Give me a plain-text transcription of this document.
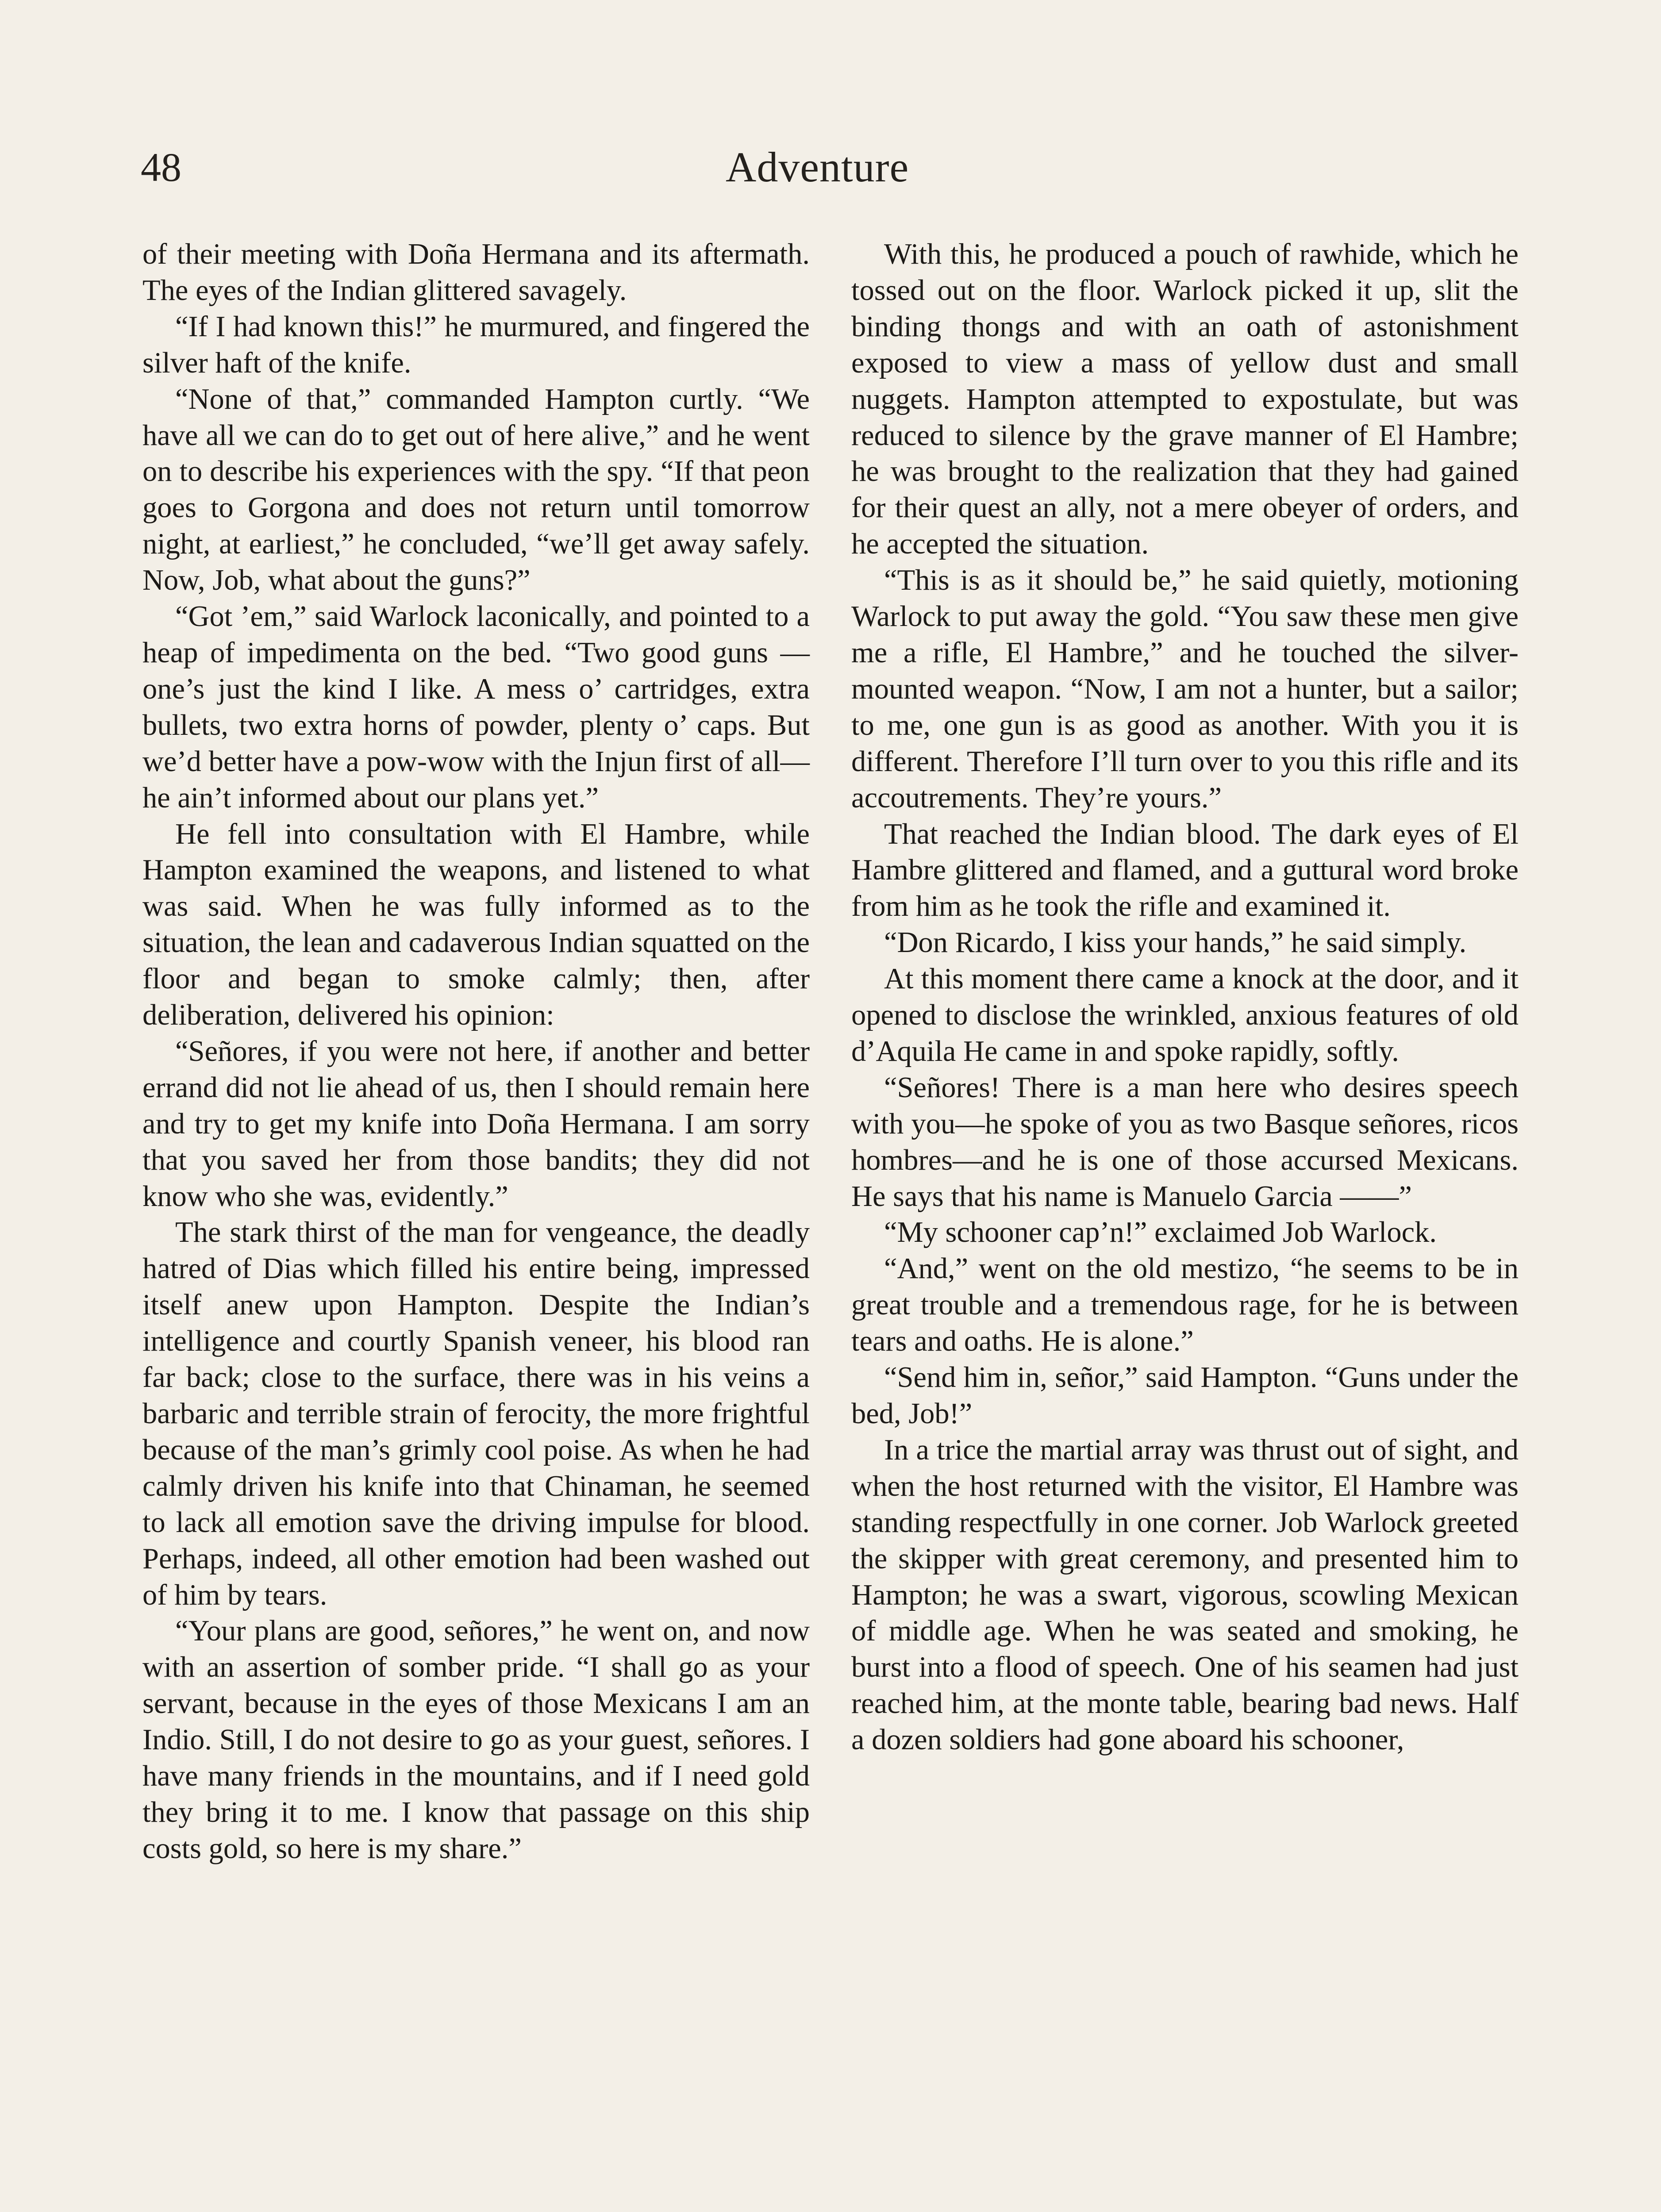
48	Adventure

of their meeting with Doña Hermana and its aftermath. The eyes of the Indian glittered savagely.

“If I had known this!” he murmured, and fingered the silver haft of the knife.

“None of that,” commanded Hampton curtly. “We have all we can do to get out of here alive,” and he went on to describe his experiences with the spy. “If that peon goes to Gorgona and does not return until tomorrow night, at earliest,” he concluded, “we’ll get away safely. Now, Job, what about the guns?”

“Got ’em,” said Warlock laconically, and pointed to a heap of impedimenta on the bed. “Two good guns — one’s just the kind I like. A mess o’ cartridges, extra bullets, two extra horns of powder, plenty o’ caps. But we’d better have a pow-wow with the Injun first of all—he ain’t informed about our plans yet.”

He fell into consultation with El Hambre, while Hampton examined the weapons, and listened to what was said. When he was fully informed as to the situation, the lean and cadaverous Indian squatted on the floor and began to smoke calmly; then, after deliberation, delivered his opinion:

“Señores, if you were not here, if another and better errand did not lie ahead of us, then I should remain here and try to get my knife into Doña Hermana. I am sorry that you saved her from those bandits; they did not know who she was, evidently.”

The stark thirst of the man for vengeance, the deadly hatred of Dias which filled his entire being, impressed itself anew upon Hampton. Despite the Indian’s intelligence and courtly Spanish veneer, his blood ran far back; close to the surface, there was in his veins a barbaric and terrible strain of ferocity, the more frightful because of the man’s grimly cool poise. As when he had calmly driven his knife into that Chinaman, he seemed to lack all emotion save the driving impulse for blood. Perhaps, indeed, all other emotion had been washed out of him by tears.

“Your plans are good, señores,” he went on, and now with an assertion of somber pride. “I shall go as your servant, because in the eyes of those Mexicans I am an Indio. Still, I do not desire to go as your guest, señores. I have many friends in the mountains, and if I need gold they bring it to me. I know that passage on this ship costs gold, so here is my share.”

With this, he produced a pouch of rawhide, which he tossed out on the floor. Warlock picked it up, slit the binding thongs and with an oath of astonishment exposed to view a mass of yellow dust and small nuggets. Hampton attempted to expostulate, but was reduced to silence by the grave manner of El Hambre; he was brought to the realization that they had gained for their quest an ally, not a mere obeyer of orders, and he accepted the situation.

“This is as it should be,” he said quietly, motioning Warlock to put away the gold. “You saw these men give me a rifle, El Hambre,” and he touched the silver-mounted weapon. “Now, I am not a hunter, but a sailor; to me, one gun is as good as another. With you it is different. Therefore I’ll turn over to you this rifle and its accoutrements. They’re yours.”

That reached the Indian blood. The dark eyes of El Hambre glittered and flamed, and a guttural word broke from him as he took the rifle and examined it.

“Don Ricardo, I kiss your hands,” he said simply.

At this moment there came a knock at the door, and it opened to disclose the wrinkled, anxious features of old d’Aquila He came in and spoke rapidly, softly.

“Señores! There is a man here who desires speech with you—he spoke of you as two Basque señores, ricos hombres—and he is one of those accursed Mexicans. He says that his name is Manuelo Garcia ——”

“My schooner cap’n!” exclaimed Job Warlock.

“And,” went on the old mestizo, “he seems to be in great trouble and a tremendous rage, for he is between tears and oaths. He is alone.”

“Send him in, señor,” said Hampton. “Guns under the bed, Job!”

In a trice the martial array was thrust out of sight, and when the host returned with the visitor, El Hambre was standing respectfully in one corner. Job Warlock greeted the skipper with great ceremony, and presented him to Hampton; he was a swart, vigorous, scowling Mexican of middle age. When he was seated and smoking, he burst into a flood of speech. One of his seamen had just reached him, at the monte table, bearing bad news. Half a dozen soldiers had gone aboard his schooner,
